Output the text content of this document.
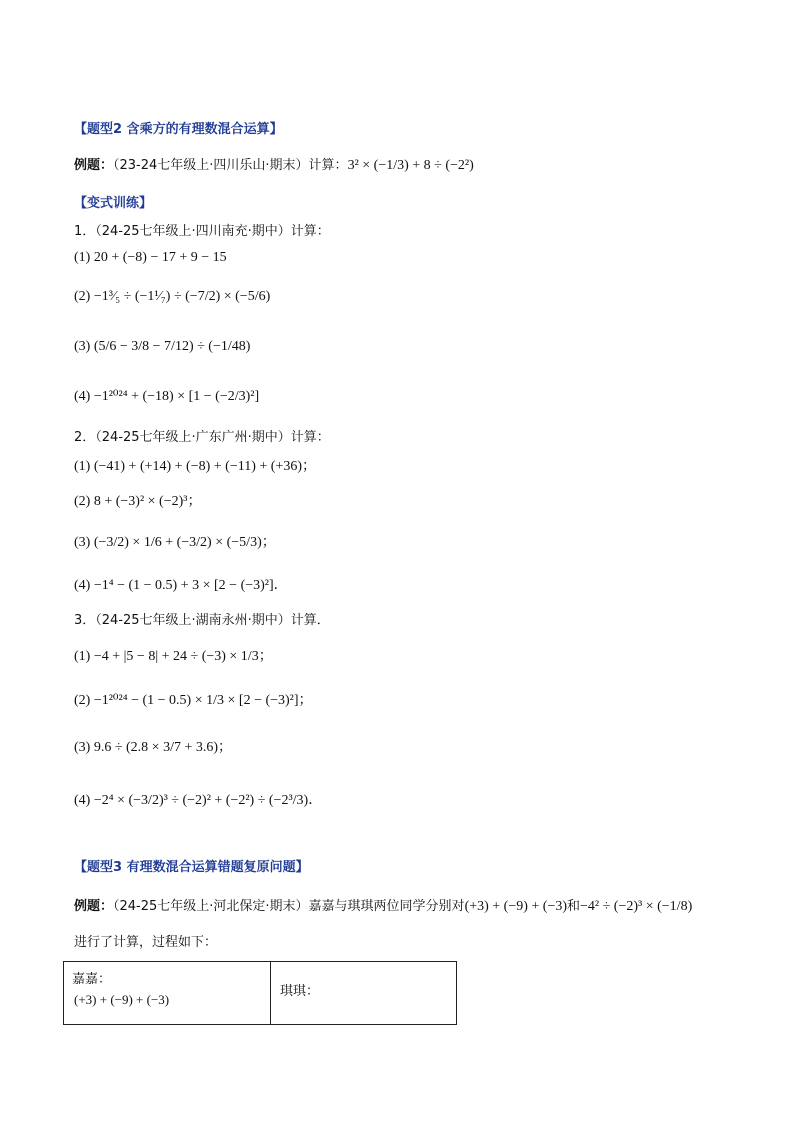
【题型2 含乘方的有理数混合运算】
例题：（23-24七年级上·四川乐山·期末）计算：3² × (−1/3) + 8 ÷ (−2²)
【变式训练】
1．（24-25七年级上·四川南充·期中）计算：
(1) 20 + (−8) − 17 + 9 − 15
(2) −1³⁄₅ ÷ (−1¹⁄₇) ÷ (−7/2) × (−5/6)
(3) (5/6 − 3/8 − 7/12) ÷ (−1/48)
(4) −1²⁰²⁴ + (−18) × [1 − (−2/3)²]
2．（24-25七年级上·广东广州·期中）计算：
(1) (−41) + (+14) + (−8) + (−11) + (+36)；
(2) 8 + (−3)² × (−2)³；
(3) (−3/2) × 1/6 + (−3/2) × (−5/3)；
(4) −1⁴ − (1 − 0.5) + 3 × [2 − (−3)²]．
3．（24-25七年级上·湖南永州·期中）计算．
(1) −4 + |5 − 8| + 24 ÷ (−3) × 1/3；
(2) −1²⁰²⁴ − (1 − 0.5) × 1/3 × [2 − (−3)²]；
(3) 9.6 ÷ (2.8 × 3/7 + 3.6)；
(4) −2⁴ × (−3/2)³ ÷ (−2)² + (−2²) ÷ (−2³/3)．
【题型3 有理数混合运算错题复原问题】
例题：（24-25七年级上·河北保定·期末）嘉嘉与琪琪两位同学分别对(+3) + (−9) + (−3)和−4² ÷ (−2)³ × (−1/8)
进行了计算，过程如下：
嘉嘉：
(+3) + (−9) + (−3)
琪琪：
